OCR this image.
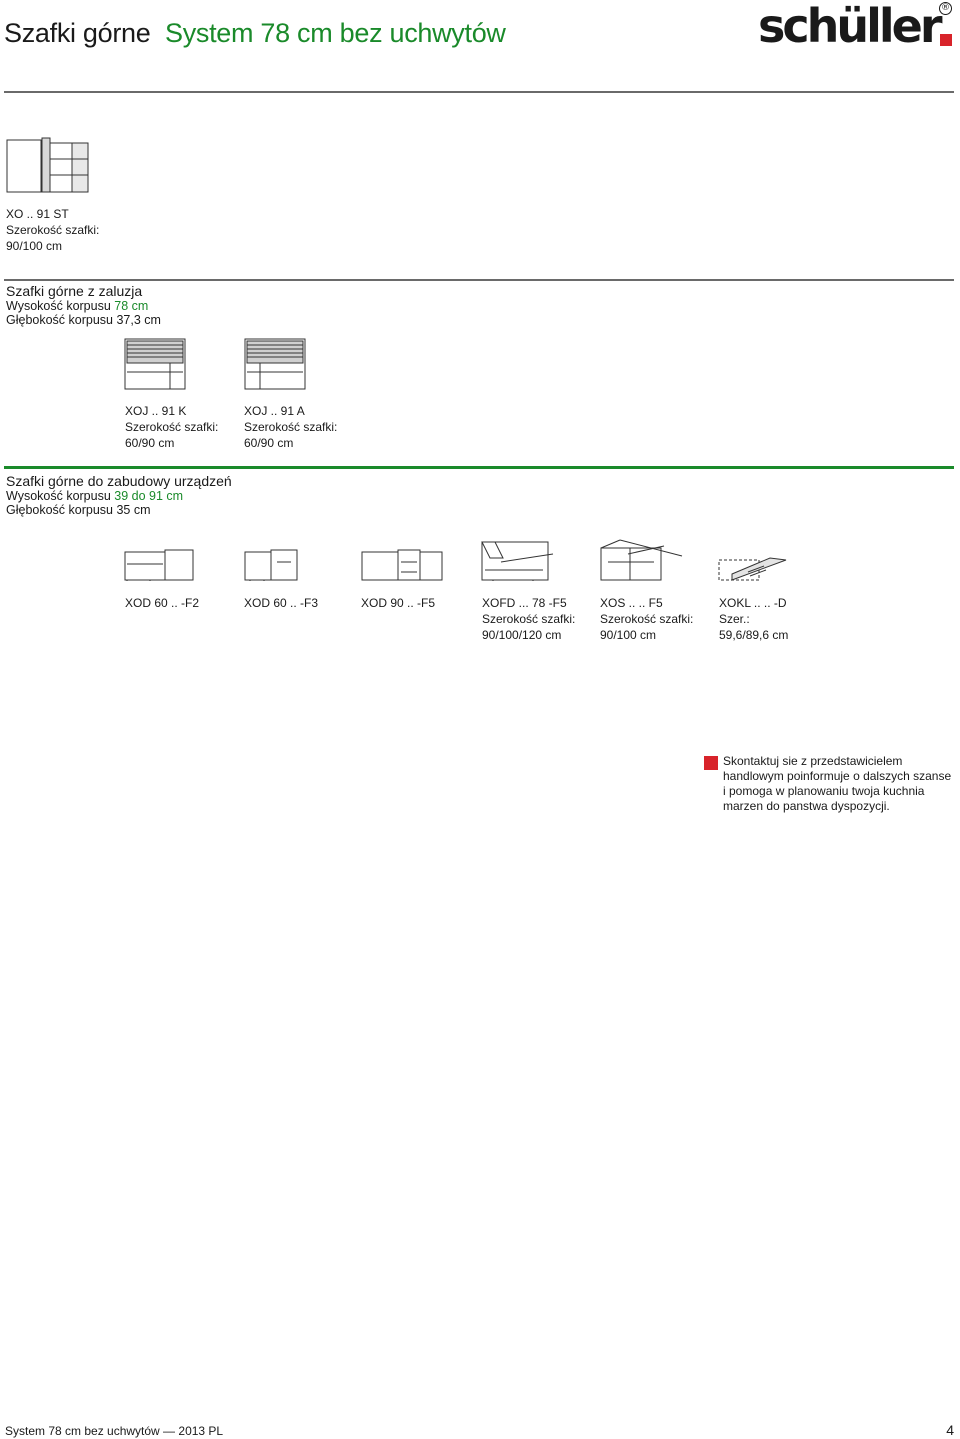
Szafki górne System 78 cm bez uchwytów	schüller ®
XO .. 91 ST
Szerokość szafki:
90/100 cm
Szafki górne z zaluzja
Wysokość korpusu 78 cm
Głębokość korpusu 37,3 cm
XOJ .. 91 K
Szerokość szafki:
60/90 cm
XOJ .. 91 A
Szerokość szafki:
60/90 cm
Szafki górne do zabudowy urządzeń
Wysokość korpusu 39 do 91 cm
Głębokość korpusu 35 cm
XOD 60 .. -F2	XOD 60 .. -F3	XOD 90 .. -F5	XOFD ... 78 -F5
Szerokość szafki:
90/100/120 cm
XOS .. .. F5
Szerokość szafki:
90/100 cm
XOKL .. .. -D
Szer.:
59,6/89,6 cm
Skontaktuj sie z przedstawicielem handlowym poinformuje o dalszych szanse i pomoga w planowaniu twoja kuchnia marzen do panstwa dyspozycji.
System 78 cm bez uchwytów — 2013 PL	4
